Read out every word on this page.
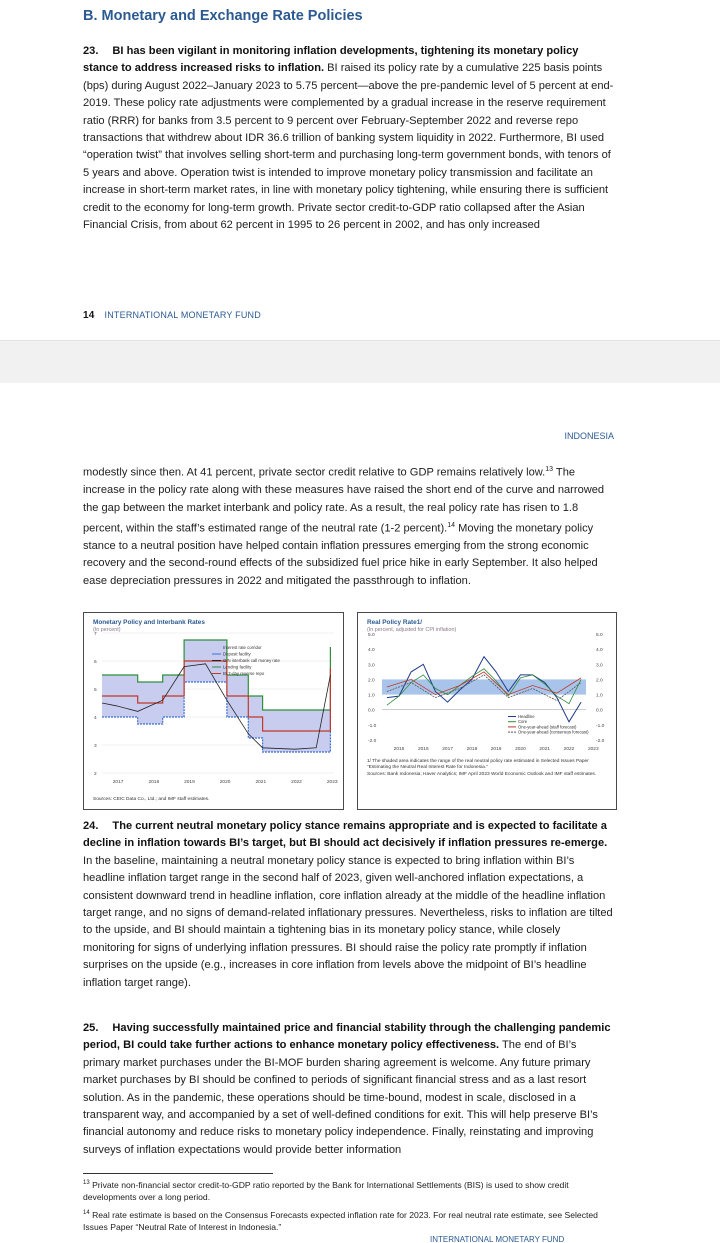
B. Monetary and Exchange Rate Policies

23. BI has been vigilant in monitoring inflation developments, tightening its monetary policy stance to address increased risks to inflation. BI raised its policy rate by a cumulative 225 basis points (bps) during August 2022–January 2023 to 5.75 percent—above the pre-pandemic level of 5 percent at end-2019. These policy rate adjustments were complemented by a gradual increase in the reserve requirement ratio (RRR) for banks from 3.5 percent to 9 percent over February-September 2022 and reverse repo transactions that withdrew about IDR 36.6 trillion of banking system liquidity in 2022. Furthermore, BI used “operation twist” that involves selling short-term and purchasing long-term government bonds, with tenors of 5 years and above. Operation twist is intended to improve monetary policy transmission and facilitate an increase in short-term market rates, in line with monetary policy tightening, while ensuring there is sufficient credit to the economy for long-term growth. Private sector credit-to-GDP ratio collapsed after the Asian Financial Crisis, from about 62 percent in 1995 to 26 percent in 2002, and has only increased

14 INTERNATIONAL MONETARY FUND
INDONESIA

modestly since then. At 41 percent, private sector credit relative to GDP remains relatively low.$^{13}$ The increase in the policy rate along with these measures have raised the short end of the curve and narrowed the gap between the market interbank and policy rate. As a result, the real policy rate has risen to 1.8 percent, within the staff’s estimated range of the neutral rate (1-2 percent).$^{14}$ Moving the monetary policy stance to a neutral position have helped contain inflation pressures emerging from the strong economic recovery and the second-round effects of the subsidized fuel price hike in early September. It also helped ease depreciation pressures in 2022 and mitigated the passthrough to inflation.

Monetary Policy and Interbank Rates
(In percent)
7
6
5
4
3
2
2017	2018	2019	2020	2021	2022	2023
Interest rate corridor
Deposit facility
O/N interbank call money rate
Lending facility
BI 7-day reverse repo
Sources: CEIC Data Co., Ltd.; and IMF staff estimates.
Real Policy Rate1/
(In percent, adjusted for CPI inflation)
5.0	5.0
4.0	4.0
3.0	3.0
2.0	2.0
1.0	1.0
0.0	0.0
-1.0	-1.0
-2.0	-2.0
2015	2016	2017	2018	2019	2020	2021	2022	2023
Headline
Core
One-year-ahead (staff forecast)
One-year-ahead (consensus forecast)
1/ The shaded area indicates the range of the real neutral policy rate estimated in Selected Issues Paper “Estimating the Neutral Real Interest Rate for Indonesia.”
Sources: Bank Indonesia; Haver Analytics; IMF April 2023 World Economic Outlook and IMF staff estimates.

24. The current neutral monetary policy stance remains appropriate and is expected to facilitate a decline in inflation towards BI’s target, but BI should act decisively if inflation pressures re-emerge. In the baseline, maintaining a neutral monetary policy stance is expected to bring inflation within BI’s headline inflation target range in the second half of 2023, given well-anchored inflation expectations, a consistent downward trend in headline inflation, core inflation already at the middle of the headline inflation target range, and no signs of demand-related inflationary pressures. Nevertheless, risks to inflation are tilted to the upside, and BI should maintain a tightening bias in its monetary policy stance, while closely monitoring for signs of underlying inflation pressures. BI should raise the policy rate promptly if inflation surprises on the upside (e.g., increases in core inflation from levels above the midpoint of BI’s headline inflation target range).

25. Having successfully maintained price and financial stability through the challenging pandemic period, BI could take further actions to enhance monetary policy effectiveness. The end of BI’s primary market purchases under the BI-MOF burden sharing agreement is welcome. Any future primary market purchases by BI should be confined to periods of significant financial stress and as a last resort solution. As in the pandemic, these operations should be time-bound, modest in scale, disclosed in a transparent way, and accompanied by a set of well-defined conditions for exit. This will help preserve BI’s financial autonomy and reduce risks to monetary policy independence. Finally, reinstating and improving surveys of inflation expectations would provide better information

$^{13}$ Private non-financial sector credit-to-GDP ratio reported by the Bank for International Settlements (BIS) is used to show credit developments over a long period.
$^{14}$ Real rate estimate is based on the Consensus Forecasts expected inflation rate for 2023. For real neutral rate estimate, see Selected Issues Paper “Neutral Rate of Interest in Indonesia.”
INTERNATIONAL MONETARY FUND
